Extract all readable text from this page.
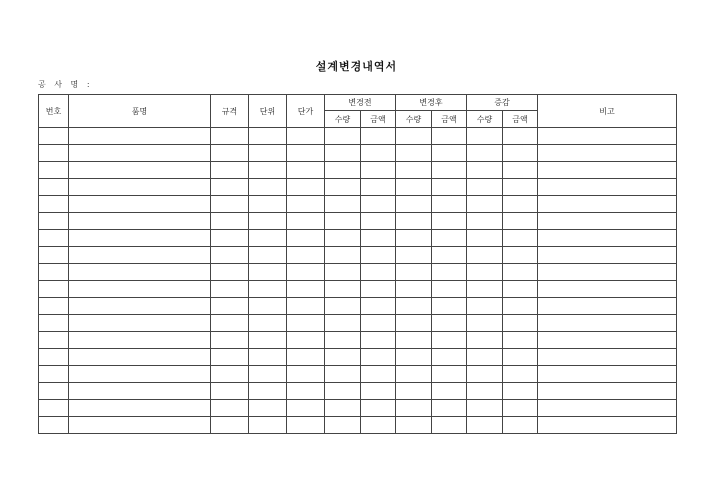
설계변경내역서
공 사 명 :
번호	품명	규격	단위	단가	변경전		변경후		증감		비고
					수량	금액	수량	금액	수량	금액	
